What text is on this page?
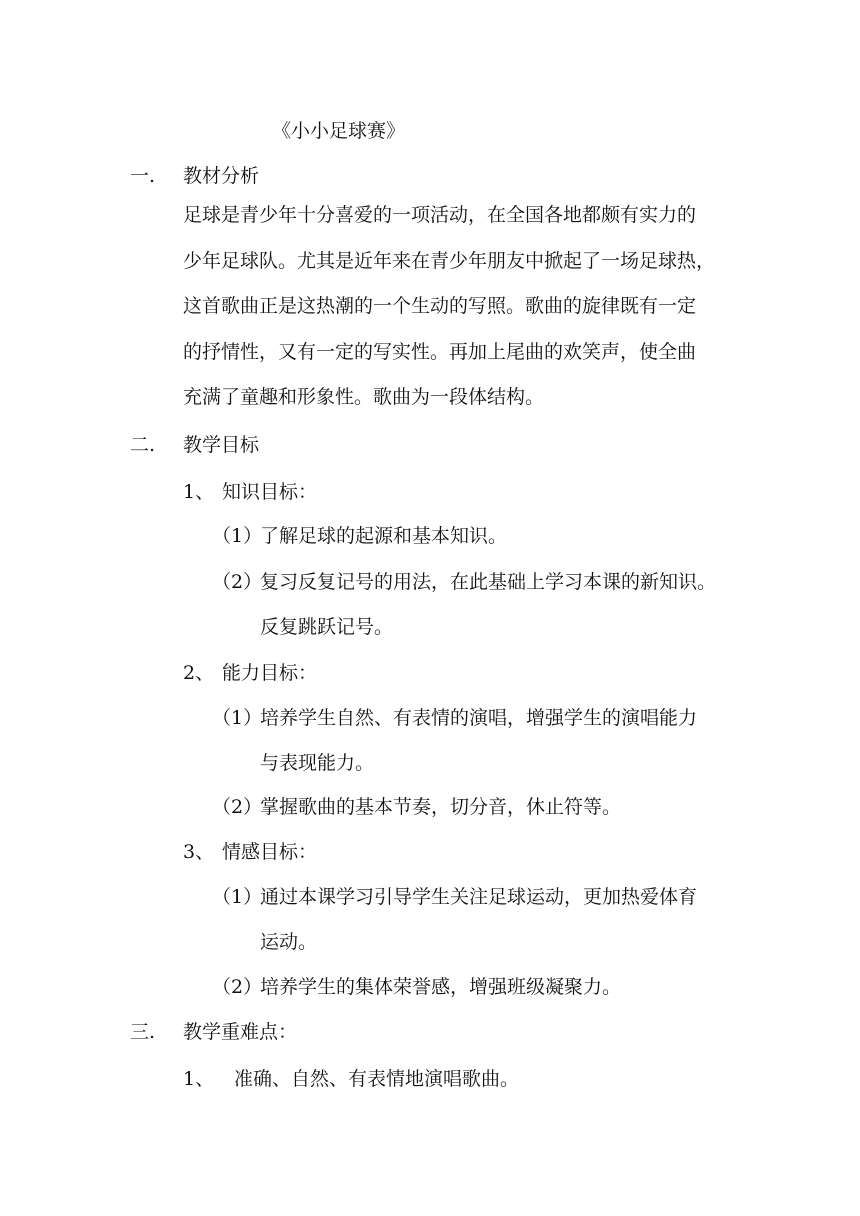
《小小足球赛》
一. 教材分析
足球是青少年十分喜爱的一项活动，在全国各地都颇有实力的
少年足球队。尤其是近年来在青少年朋友中掀起了一场足球热，
这首歌曲正是这热潮的一个生动的写照。歌曲的旋律既有一定
的抒情性，又有一定的写实性。再加上尾曲的欢笑声，使全曲
充满了童趣和形象性。歌曲为一段体结构。
二. 教学目标
1、 知识目标：
（1）
了解足球的起源和基本知识。
（2）
复习反复记号的用法，在此基础上学习本课的新知识。
反复跳跃记号。
2、 能力目标：
（1）
培养学生自然、有表情的演唱，增强学生的演唱能力
与表现能力。
（2）
掌握歌曲的基本节奏，切分音，休止符等。
3、 情感目标：
（1）
通过本课学习引导学生关注足球运动，更加热爱体育
运动。
（2）
培养学生的集体荣誉感，增强班级凝聚力。
三. 教学重难点：
1、 准确、自然、有表情地演唱歌曲。
